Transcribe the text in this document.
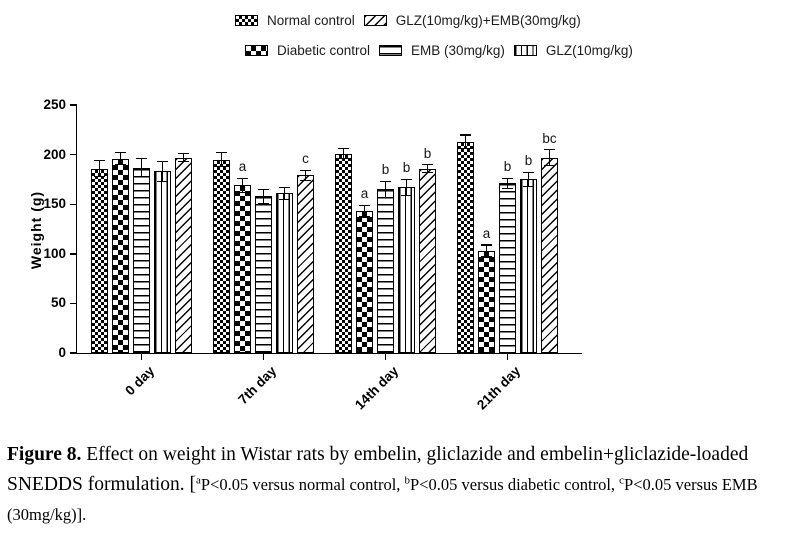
Normal control	GLZ(10mg/kg)+EMB(30mg/kg)
Diabetic control	EMB (30mg/kg)	GLZ(10mg/kg)
Weight (g)
0
50
100
150
200
250
0 day	7th day
a
c
14th day
a
b b
b
21th day
a
b b
bc

Figure 8. Effect on weight in Wistar rats by embelin, gliclazide and embelin+gliclazide-loaded SNEDDS formulation. [$^a$P<0.05 versus normal control, $^b$P<0.05 versus diabetic control, $^c$P<0.05 versus EMB (30mg/kg)].
